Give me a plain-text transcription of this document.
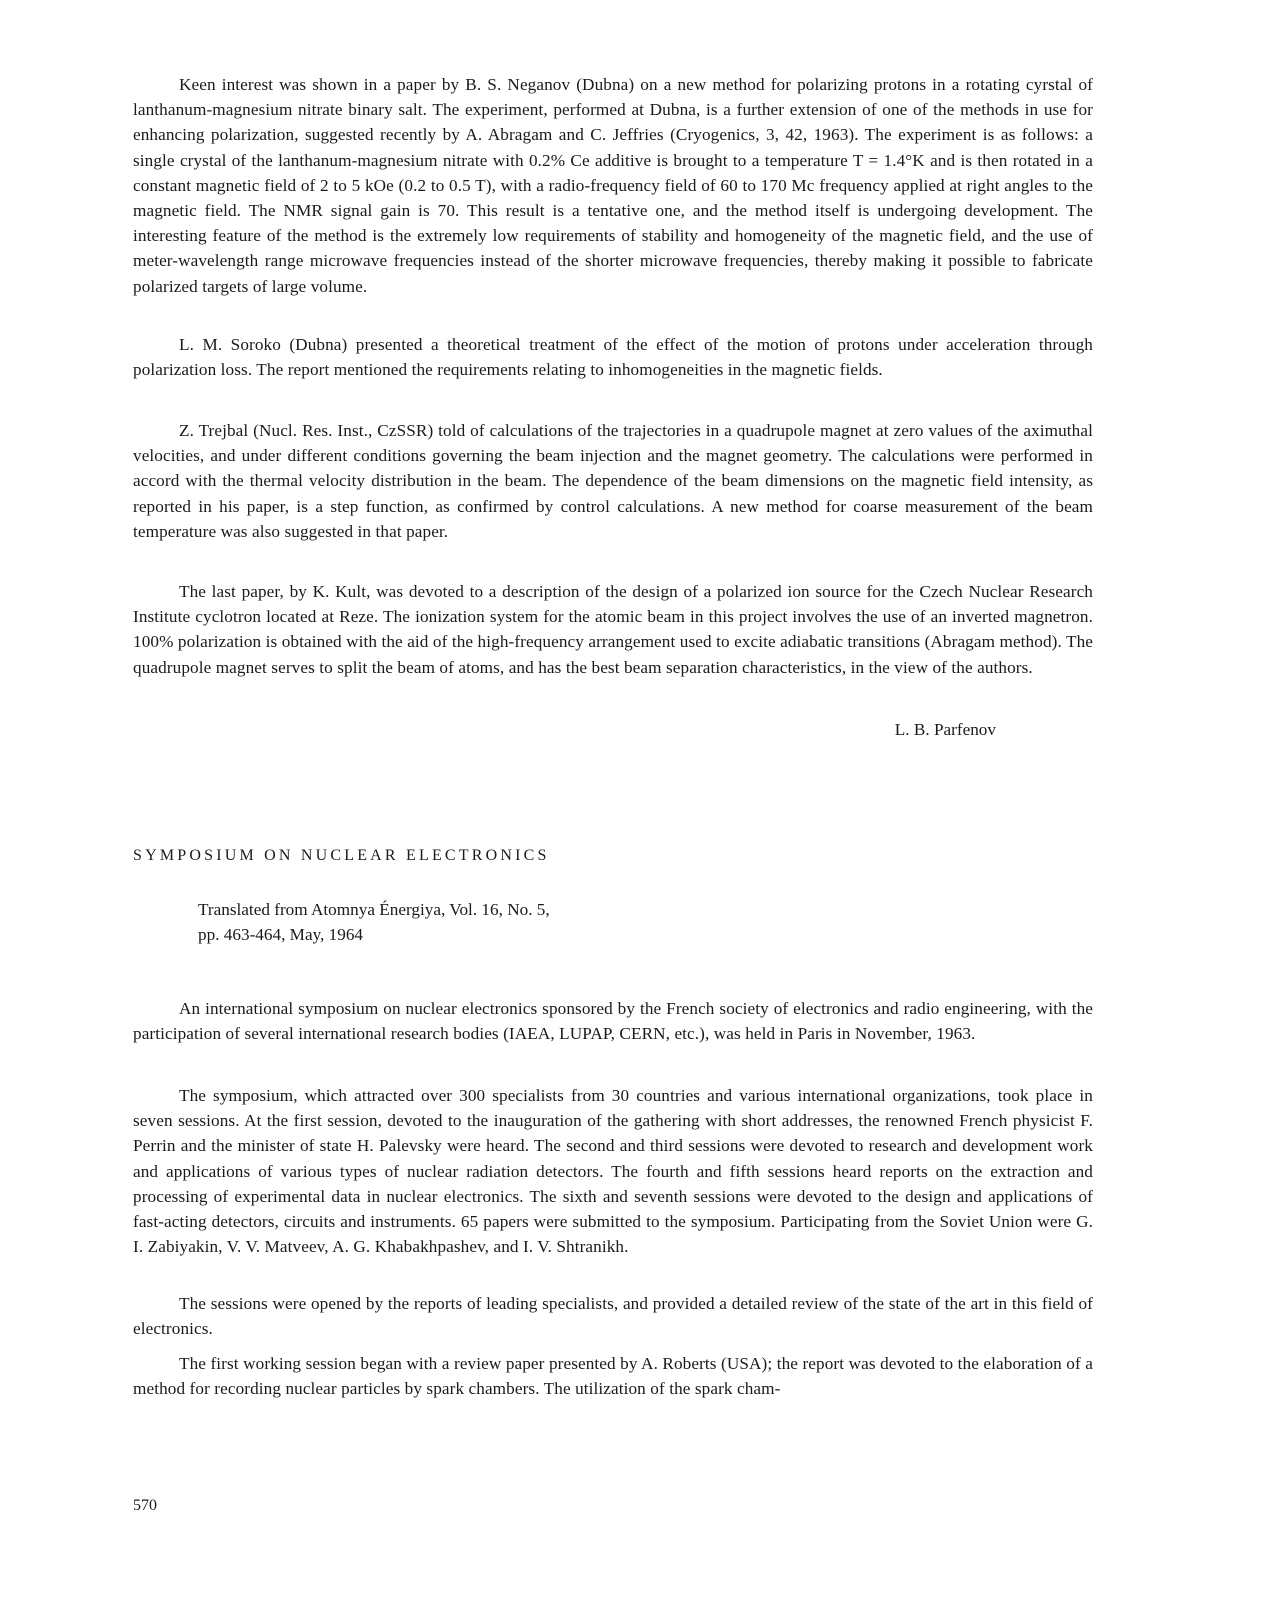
Keen interest was shown in a paper by B. S. Neganov (Dubna) on a new method for polarizing protons in a rotating cyrstal of lanthanum-magnesium nitrate binary salt. The experiment, performed at Dubna, is a further extension of one of the methods in use for enhancing polarization, suggested recently by A. Abragam and C. Jeffries (Cryogenics, 3, 42, 1963). The experiment is as follows: a single crystal of the lanthanum-magnesium nitrate with 0.2% Ce additive is brought to a temperature T = 1.4°K and is then rotated in a constant magnetic field of 2 to 5 kOe (0.2 to 0.5 T), with a radio-frequency field of 60 to 170 Mc frequency applied at right angles to the magnetic field. The NMR signal gain is 70. This result is a tentative one, and the method itself is undergoing development. The interesting feature of the method is the extremely low requirements of stability and homogeneity of the magnetic field, and the use of meter-wavelength range microwave frequencies instead of the shorter microwave frequencies, thereby making it possible to fabricate polarized targets of large volume.

L. M. Soroko (Dubna) presented a theoretical treatment of the effect of the motion of protons under acceleration through polarization loss. The report mentioned the requirements relating to inhomogeneities in the magnetic fields.

Z. Trejbal (Nucl. Res. Inst., CzSSR) told of calculations of the trajectories in a quadrupole magnet at zero values of the aximuthal velocities, and under different conditions governing the beam injection and the magnet geometry. The calculations were performed in accord with the thermal velocity distribution in the beam. The dependence of the beam dimensions on the magnetic field intensity, as reported in his paper, is a step function, as confirmed by control calculations. A new method for coarse measurement of the beam temperature was also suggested in that paper.

The last paper, by K. Kult, was devoted to a description of the design of a polarized ion source for the Czech Nuclear Research Institute cyclotron located at Reze. The ionization system for the atomic beam in this project involves the use of an inverted magnetron. 100% polarization is obtained with the aid of the high-frequency arrangement used to excite adiabatic transitions (Abragam method). The quadrupole magnet serves to split the beam of atoms, and has the best beam separation characteristics, in the view of the authors.

L. B. Parfenov

SYMPOSIUM ON NUCLEAR ELECTRONICS

Translated from Atomnya Énergiya, Vol. 16, No. 5,
pp. 463-464, May, 1964

An international symposium on nuclear electronics sponsored by the French society of electronics and radio engineering, with the participation of several international research bodies (IAEA, LUPAP, CERN, etc.), was held in Paris in November, 1963.

The symposium, which attracted over 300 specialists from 30 countries and various international organizations, took place in seven sessions. At the first session, devoted to the inauguration of the gathering with short addresses, the renowned French physicist F. Perrin and the minister of state H. Palevsky were heard. The second and third sessions were devoted to research and development work and applications of various types of nuclear radiation detectors. The fourth and fifth sessions heard reports on the extraction and processing of experimental data in nuclear electronics. The sixth and seventh sessions were devoted to the design and applications of fast-acting detectors, circuits and instruments. 65 papers were submitted to the symposium. Participating from the Soviet Union were G. I. Zabiyakin, V. V. Matveev, A. G. Khabakhpashev, and I. V. Shtranikh.

The sessions were opened by the reports of leading specialists, and provided a detailed review of the state of the art in this field of electronics.

The first working session began with a review paper presented by A. Roberts (USA); the report was devoted to the elaboration of a method for recording nuclear particles by spark chambers. The utilization of the spark cham-

570
